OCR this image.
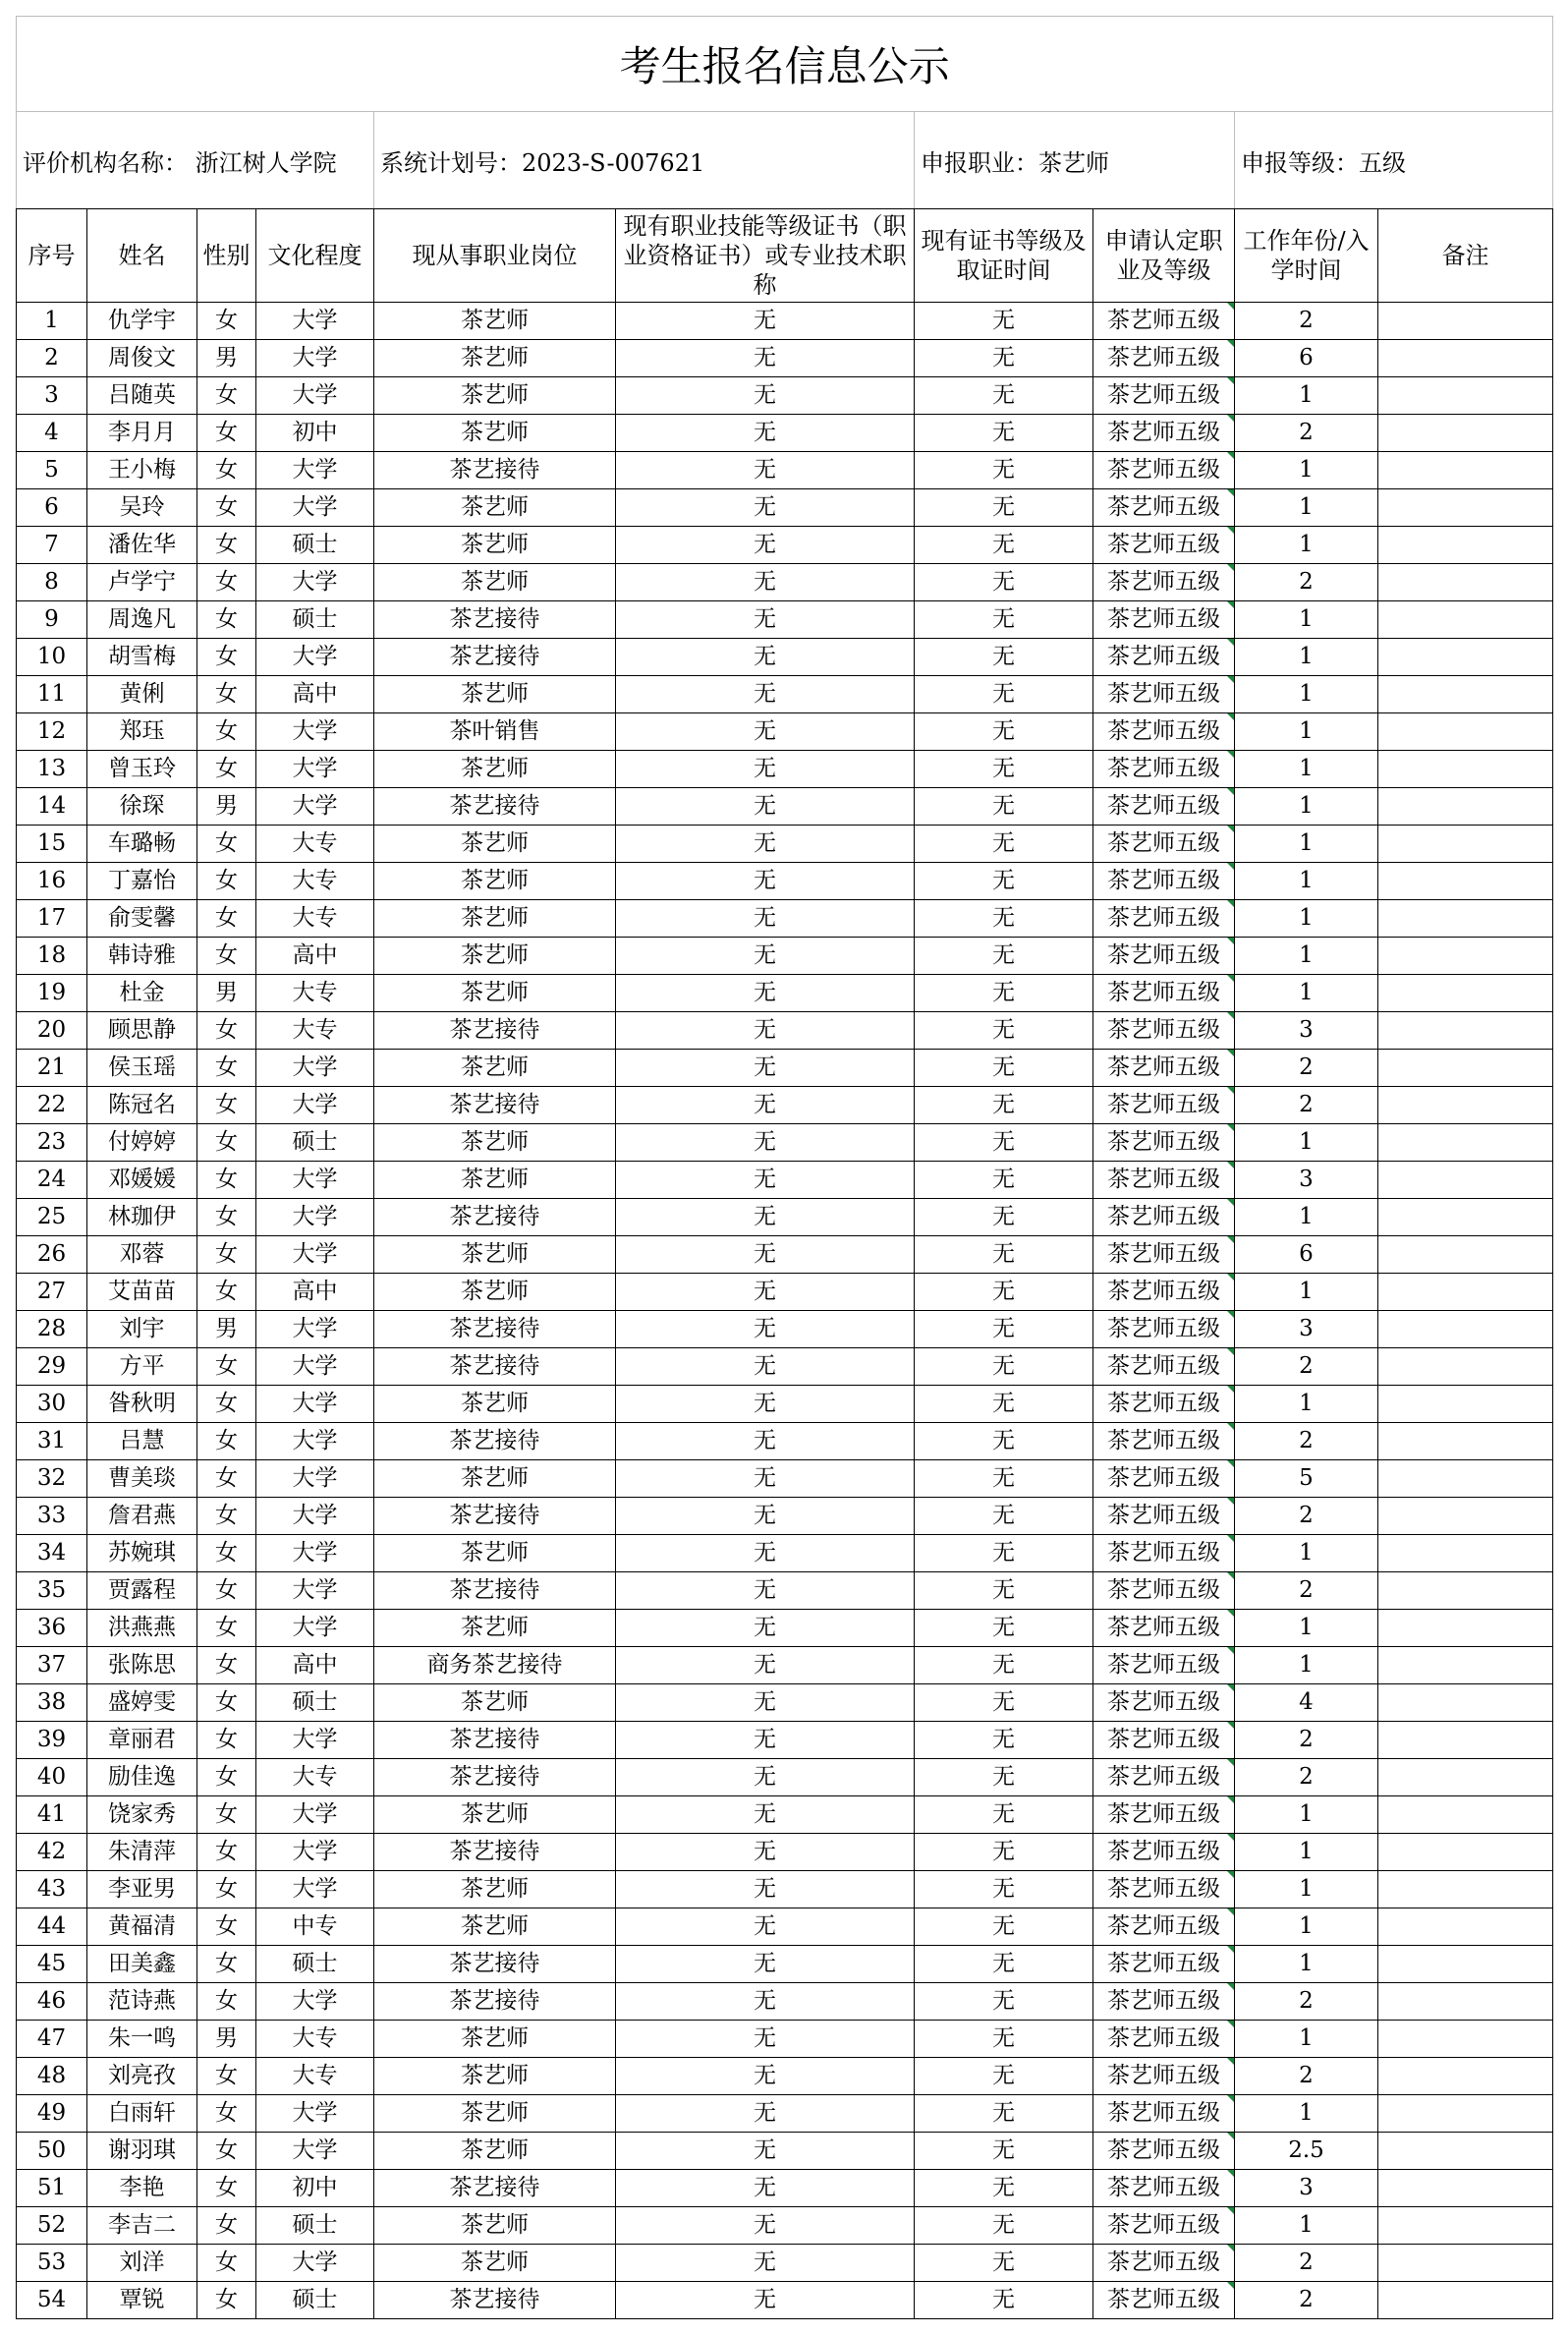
考生报名信息公示									
评价机构名称： 浙江树人学院				系统计划号：2023-S-007621		申报职业：茶艺师		申报等级：五级	
序号	姓名	性别	文化程度	现从事职业岗位	现有职业技能等级证书（职业资格证书）或专业技术职称	现有证书等级及取证时间	申请认定职业及等级	工作年份/入学时间	备注
1	仇学宇	女	大学	茶艺师	无	无	茶艺师五级	2	
2	周俊文	男	大学	茶艺师	无	无	茶艺师五级	6	
3	吕随英	女	大学	茶艺师	无	无	茶艺师五级	1	
4	李月月	女	初中	茶艺师	无	无	茶艺师五级	2	
5	王小梅	女	大学	茶艺接待	无	无	茶艺师五级	1	
6	吴玲	女	大学	茶艺师	无	无	茶艺师五级	1	
7	潘佐华	女	硕士	茶艺师	无	无	茶艺师五级	1	
8	卢学宁	女	大学	茶艺师	无	无	茶艺师五级	2	
9	周逸凡	女	硕士	茶艺接待	无	无	茶艺师五级	1	
10	胡雪梅	女	大学	茶艺接待	无	无	茶艺师五级	1	
11	黄俐	女	高中	茶艺师	无	无	茶艺师五级	1	
12	郑珏	女	大学	茶叶销售	无	无	茶艺师五级	1	
13	曾玉玲	女	大学	茶艺师	无	无	茶艺师五级	1	
14	徐琛	男	大学	茶艺接待	无	无	茶艺师五级	1	
15	车璐畅	女	大专	茶艺师	无	无	茶艺师五级	1	
16	丁嘉怡	女	大专	茶艺师	无	无	茶艺师五级	1	
17	俞雯馨	女	大专	茶艺师	无	无	茶艺师五级	1	
18	韩诗雅	女	高中	茶艺师	无	无	茶艺师五级	1	
19	杜金	男	大专	茶艺师	无	无	茶艺师五级	1	
20	顾思静	女	大专	茶艺接待	无	无	茶艺师五级	3	
21	侯玉瑶	女	大学	茶艺师	无	无	茶艺师五级	2	
22	陈冠名	女	大学	茶艺接待	无	无	茶艺师五级	2	
23	付婷婷	女	硕士	茶艺师	无	无	茶艺师五级	1	
24	邓媛媛	女	大学	茶艺师	无	无	茶艺师五级	3	
25	林珈伊	女	大学	茶艺接待	无	无	茶艺师五级	1	
26	邓蓉	女	大学	茶艺师	无	无	茶艺师五级	6	
27	艾苗苗	女	高中	茶艺师	无	无	茶艺师五级	1	
28	刘宇	男	大学	茶艺接待	无	无	茶艺师五级	3	
29	方平	女	大学	茶艺接待	无	无	茶艺师五级	2	
30	昝秋明	女	大学	茶艺师	无	无	茶艺师五级	1	
31	吕慧	女	大学	茶艺接待	无	无	茶艺师五级	2	
32	曹美琰	女	大学	茶艺师	无	无	茶艺师五级	5	
33	詹君燕	女	大学	茶艺接待	无	无	茶艺师五级	2	
34	苏婉琪	女	大学	茶艺师	无	无	茶艺师五级	1	
35	贾露程	女	大学	茶艺接待	无	无	茶艺师五级	2	
36	洪燕燕	女	大学	茶艺师	无	无	茶艺师五级	1	
37	张陈思	女	高中	商务茶艺接待	无	无	茶艺师五级	1	
38	盛婷雯	女	硕士	茶艺师	无	无	茶艺师五级	4	
39	章丽君	女	大学	茶艺接待	无	无	茶艺师五级	2	
40	励佳逸	女	大专	茶艺接待	无	无	茶艺师五级	2	
41	饶家秀	女	大学	茶艺师	无	无	茶艺师五级	1	
42	朱清萍	女	大学	茶艺接待	无	无	茶艺师五级	1	
43	李亚男	女	大学	茶艺师	无	无	茶艺师五级	1	
44	黄福清	女	中专	茶艺师	无	无	茶艺师五级	1	
45	田美鑫	女	硕士	茶艺接待	无	无	茶艺师五级	1	
46	范诗燕	女	大学	茶艺接待	无	无	茶艺师五级	2	
47	朱一鸣	男	大专	茶艺师	无	无	茶艺师五级	1	
48	刘亮孜	女	大专	茶艺师	无	无	茶艺师五级	2	
49	白雨轩	女	大学	茶艺师	无	无	茶艺师五级	1	
50	谢羽琪	女	大学	茶艺师	无	无	茶艺师五级	2.5	
51	李艳	女	初中	茶艺接待	无	无	茶艺师五级	3	
52	李吉二	女	硕士	茶艺师	无	无	茶艺师五级	1	
53	刘洋	女	大学	茶艺师	无	无	茶艺师五级	2	
54	覃锐	女	硕士	茶艺接待	无	无	茶艺师五级	2	
